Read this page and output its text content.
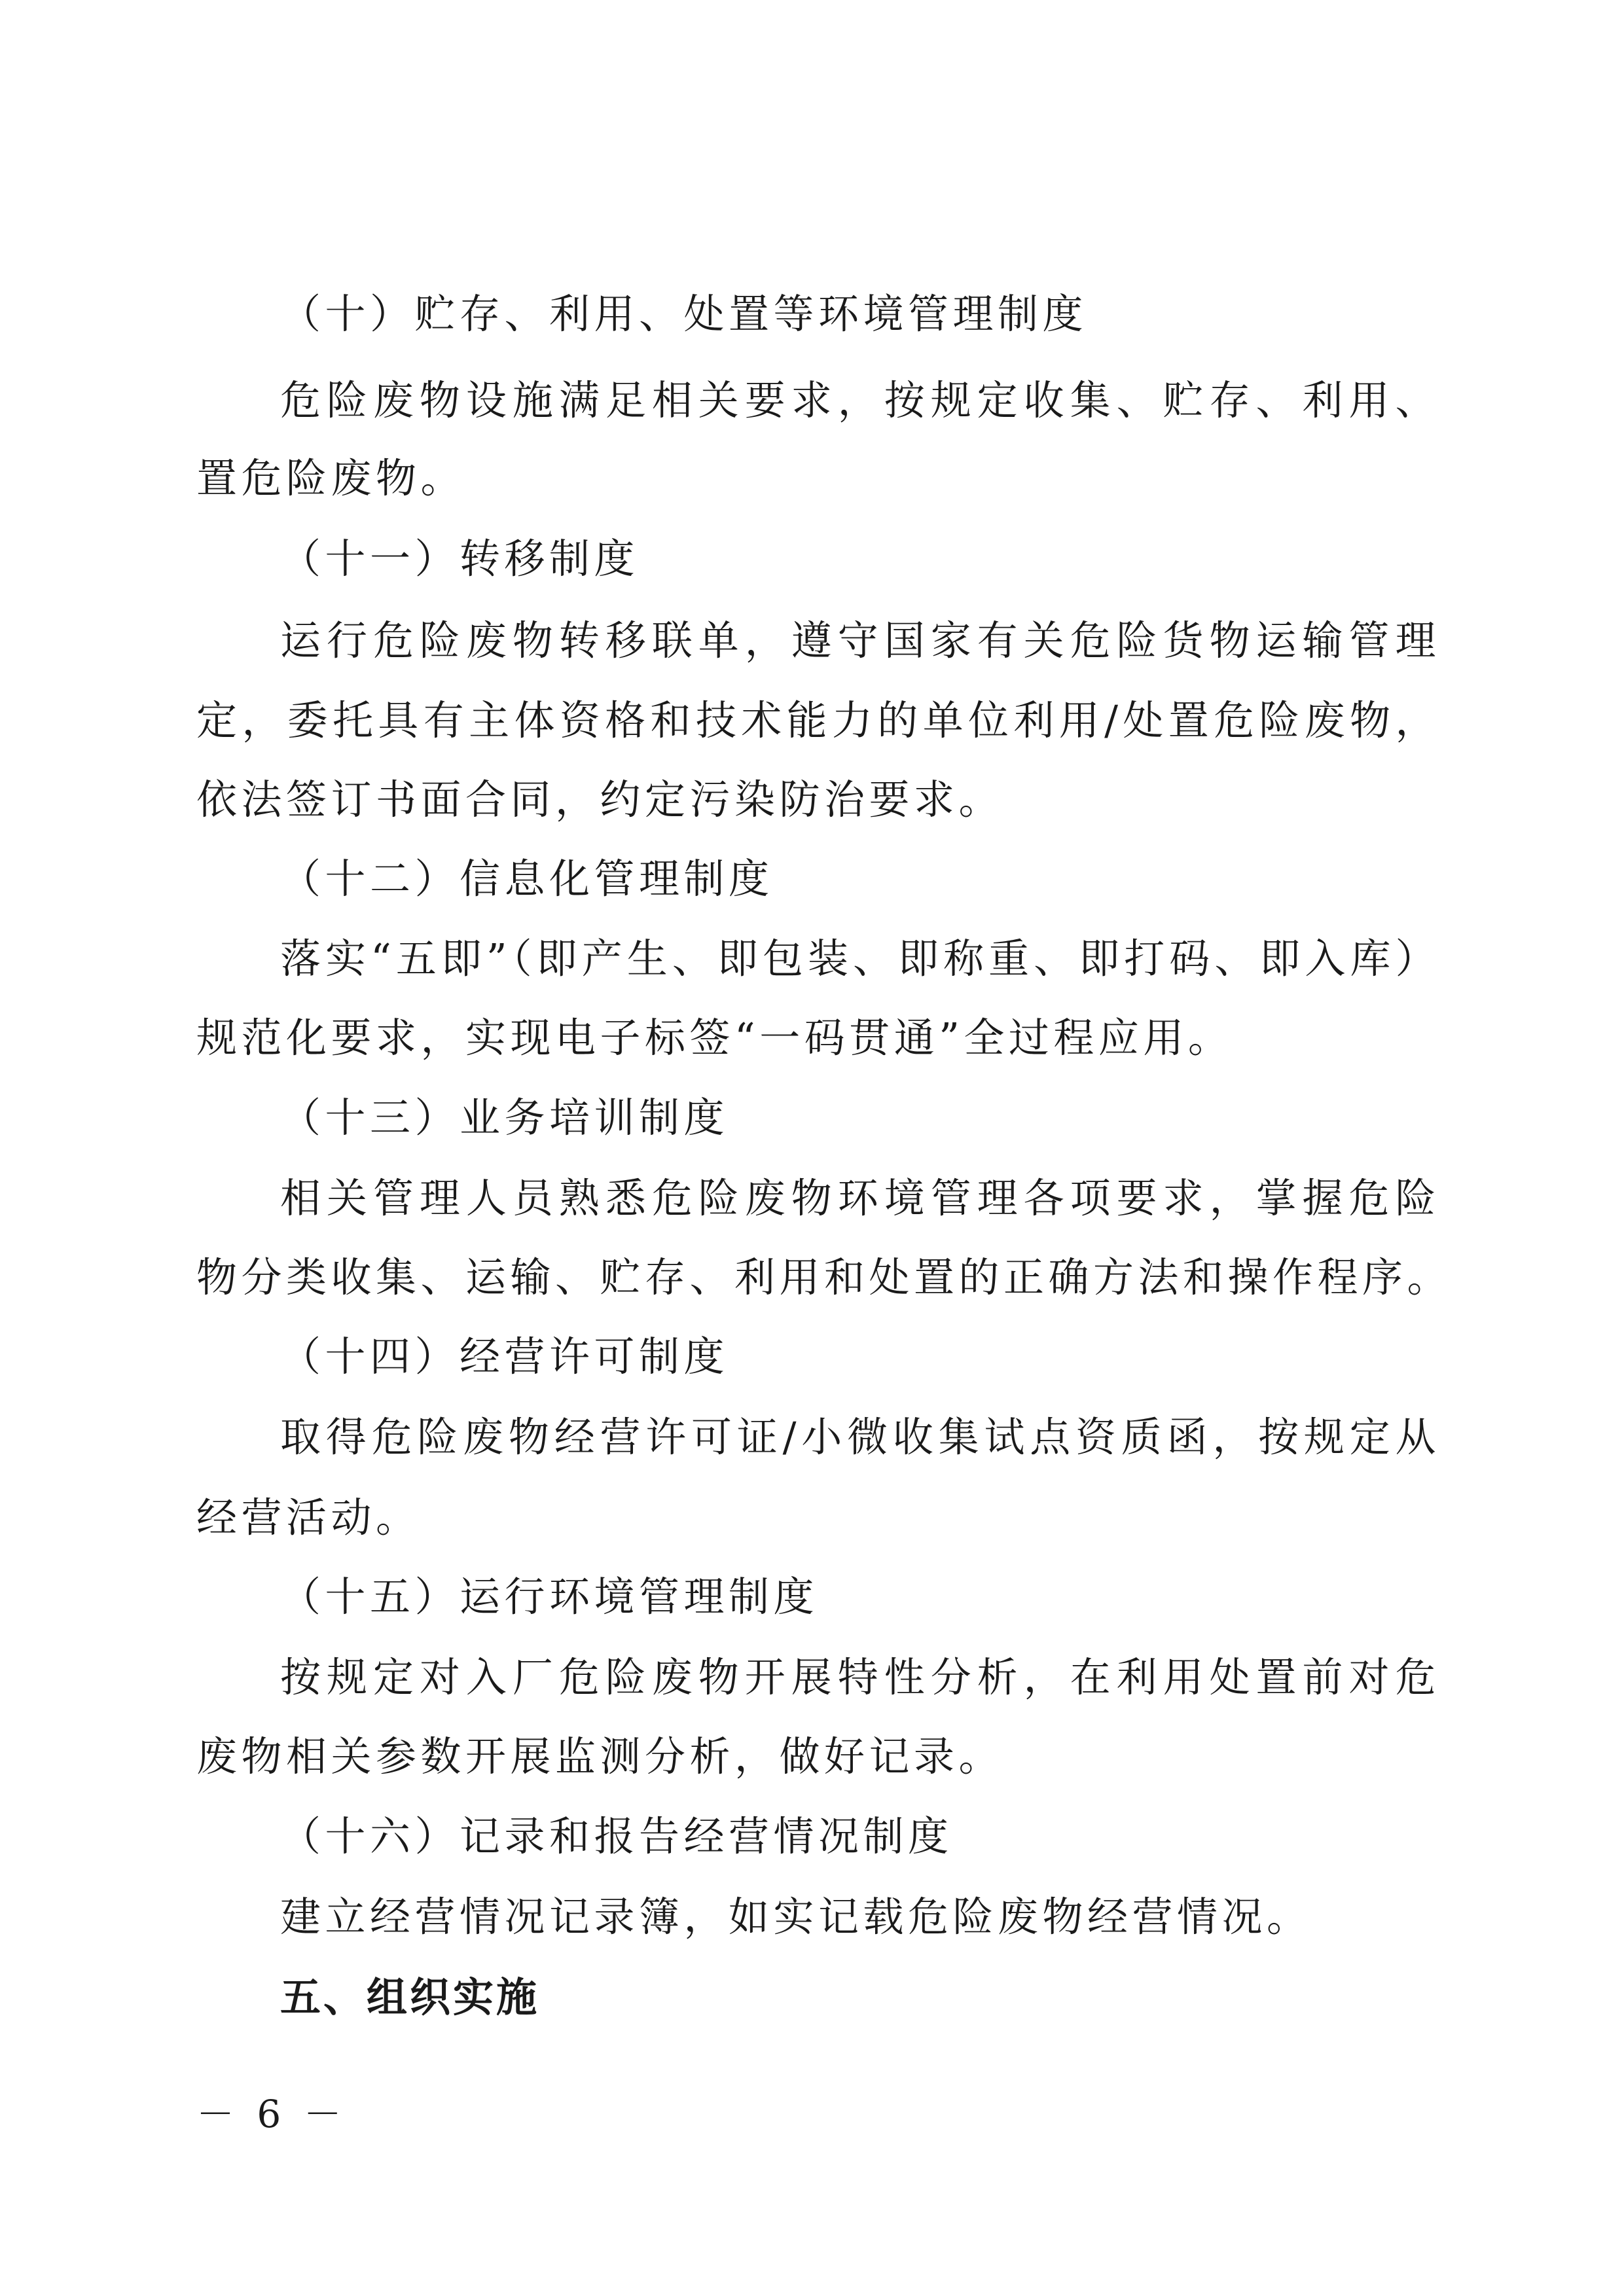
（十）贮存、利用、处置等环境管理制度
危险废物设施满足相关要求，按规定收集、贮存、利用、
置危险废物。
（十一）转移制度
运行危险废物转移联单，遵守国家有关危险货物运输管理
定，委托具有主体资格和技术能力的单位利用/处置危险废物，
依法签订书面合同，约定污染防治要求。
（十二）信息化管理制度
落实“五即”（即产生、即包装、即称重、即打码、即入库）
规范化要求，实现电子标签“一码贯通”全过程应用。
（十三）业务培训制度
相关管理人员熟悉危险废物环境管理各项要求，掌握危险
物分类收集、运输、贮存、利用和处置的正确方法和操作程序。
（十四）经营许可制度
取得危险废物经营许可证/小微收集试点资质函，按规定从
经营活动。
（十五）运行环境管理制度
按规定对入厂危险废物开展特性分析，在利用处置前对危
废物相关参数开展监测分析，做好记录。
（十六）记录和报告经营情况制度
建立经营情况记录簿，如实记载危险废物经营情况。
五、组织实施
－ 6 －
